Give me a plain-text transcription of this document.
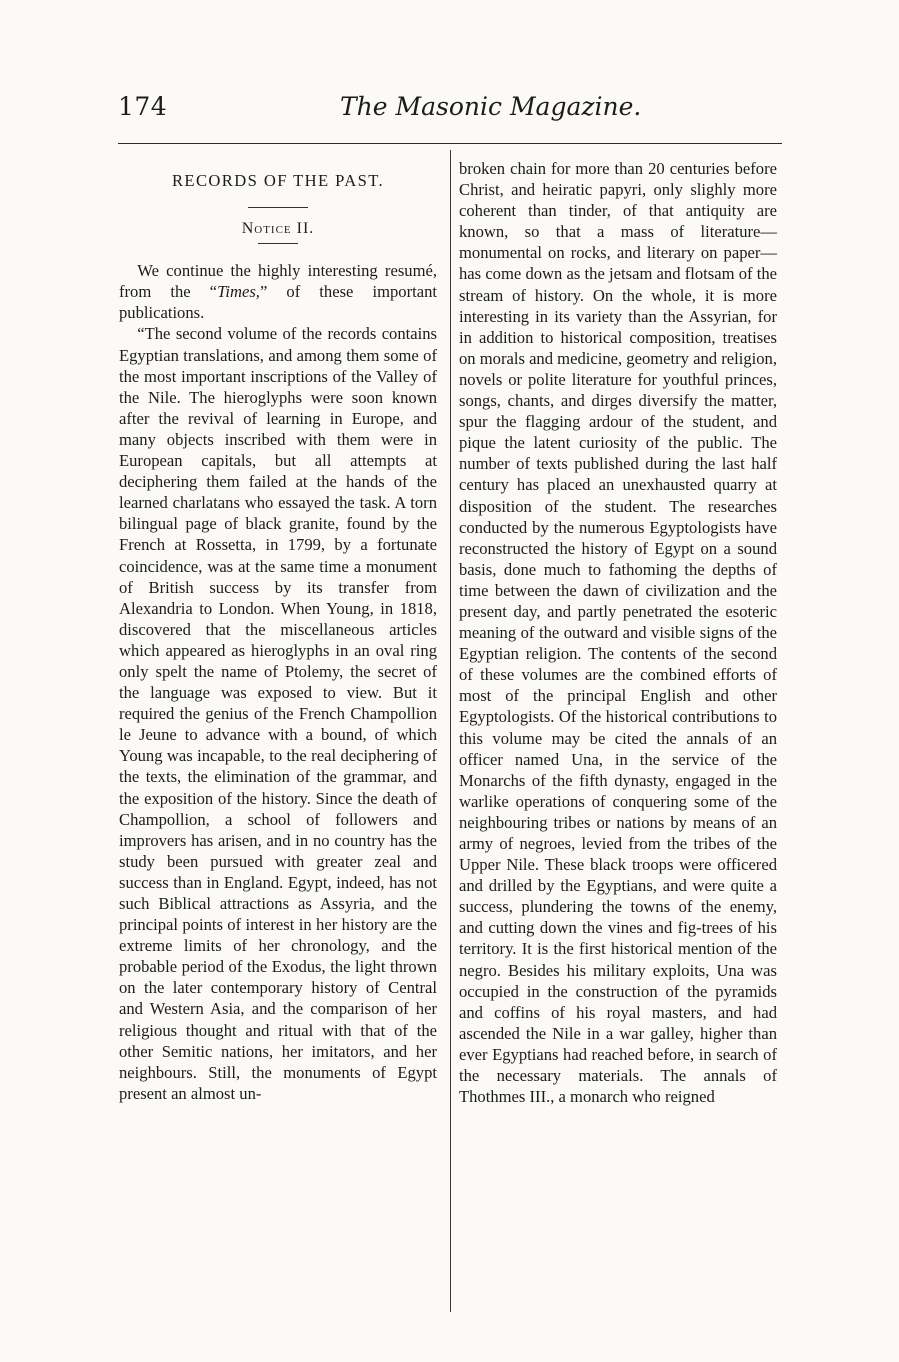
174	The Masonic Magazine.
RECORDS OF THE PAST.
Notice II.

We continue the highly interesting resumé, from the “Times,” of these important publications.

“The second volume of the records contains Egyptian translations, and among them some of the most important inscriptions of the Valley of the Nile. The hieroglyphs were soon known after the revival of learning in Europe, and many objects inscribed with them were in European capitals, but all attempts at deciphering them failed at the hands of the learned charlatans who essayed the task. A torn bilingual page of black granite, found by the French at Rossetta, in 1799, by a fortunate coincidence, was at the same time a monument of British success by its transfer from Alexandria to London. When Young, in 1818, discovered that the miscellaneous articles which appeared as hieroglyphs in an oval ring only spelt the name of Ptolemy, the secret of the language was exposed to view. But it required the genius of the French Champollion le Jeune to advance with a bound, of which Young was incapable, to the real deciphering of the texts, the elimination of the grammar, and the exposition of the history. Since the death of Champollion, a school of followers and improvers has arisen, and in no country has the study been pursued with greater zeal and success than in England. Egypt, indeed, has not such Biblical attractions as Assyria, and the principal points of interest in her history are the extreme limits of her chronology, and the probable period of the Exodus, the light thrown on the later contemporary history of Central and Western Asia, and the comparison of her religious thought and ritual with that of the other Semitic nations, her imitators, and her neighbours. Still, the monuments of Egypt present an almost un-

broken chain for more than 20 centuries before Christ, and heiratic papyri, only slighly more coherent than tinder, of that antiquity are known, so that a mass of literature—monumental on rocks, and literary on paper—has come down as the jetsam and flotsam of the stream of history. On the whole, it is more interesting in its variety than the Assyrian, for in addition to historical composition, treatises on morals and medicine, geometry and religion, novels or polite literature for youthful princes, songs, chants, and dirges diversify the matter, spur the flagging ardour of the student, and pique the latent curiosity of the public. The number of texts published during the last half century has placed an unexhausted quarry at disposition of the student. The researches conducted by the numerous Egyptologists have reconstructed the history of Egypt on a sound basis, done much to fathoming the depths of time between the dawn of civilization and the present day, and partly penetrated the esoteric meaning of the outward and visible signs of the Egyptian religion. The contents of the second of these volumes are the combined efforts of most of the principal English and other Egyptologists. Of the historical contributions to this volume may be cited the annals of an officer named Una, in the service of the Monarchs of the fifth dynasty, engaged in the warlike operations of conquering some of the neighbouring tribes or nations by means of an army of negroes, levied from the tribes of the Upper Nile. These black troops were officered and drilled by the Egyptians, and were quite a success, plundering the towns of the enemy, and cutting down the vines and fig-trees of his territory. It is the first historical mention of the negro. Besides his military exploits, Una was occupied in the construction of the pyramids and coffins of his royal masters, and had ascended the Nile in a war galley, higher than ever Egyptians had reached before, in search of the necessary materials. The annals of Thothmes III., a monarch who reigned
